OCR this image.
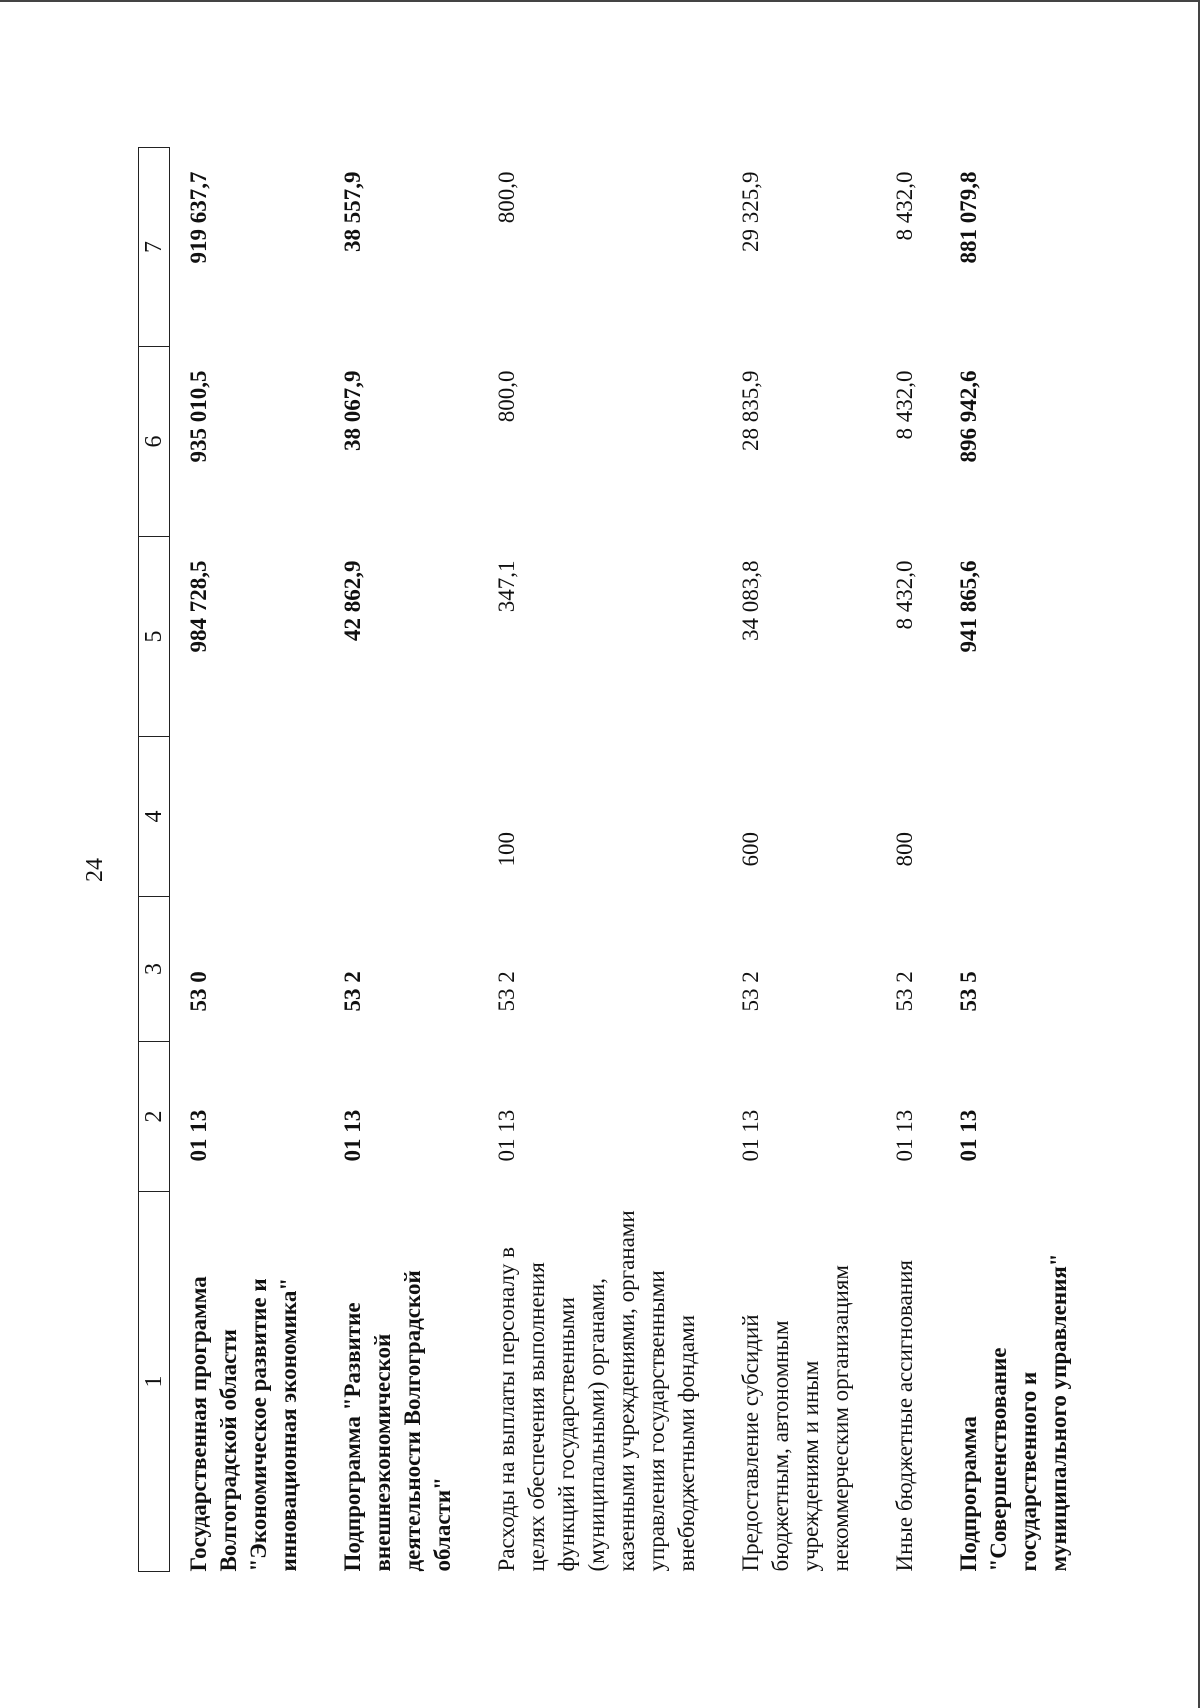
24
1	2	3	4	5	6	7
Государственная программа Волгоградской области "Экономическое развитие и инновационная экономика"	01 13	53 0		984 728,5	935 010,5	919 637,7
Подпрограмма "Развитие внешнеэкономической деятельности Волгоградской области"	01 13	53 2		42 862,9	38 067,9	38 557,9
Расходы на выплаты персоналу в целях обеспечения выполнения функций государственными (муниципальными) органами, казенными учреждениями, органами управления государственными внебюджетными фондами	01 13	53 2	100	347,1	800,0	800,0
Предоставление субсидий бюджетным, автономным учреждениям и иным некоммерческим организациям	01 13	53 2	600	34 083,8	28 835,9	29 325,9
Иные бюджетные ассигнования	01 13	53 2	800	8 432,0	8 432,0	8 432,0
Подпрограмма "Совершенствование государственного и муниципального управления"	01 13	53 5		941 865,6	896 942,6	881 079,8
